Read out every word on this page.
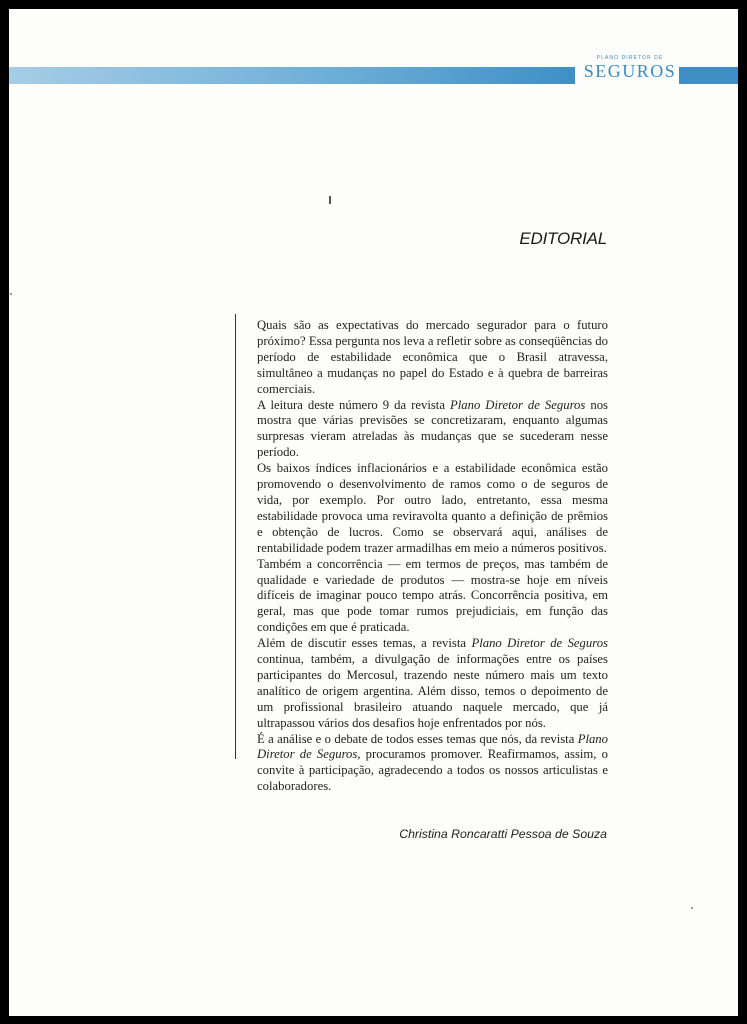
PLANO DIRETOR DE
SEGUROS
EDITORIAL

Quais são as expectativas do mercado segurador para o futuro próximo? Essa pergunta nos leva a refletir sobre as conseqüências do período de estabilidade econômica que o Brasil atravessa, simultâneo a mudanças no papel do Estado e à quebra de barreiras comerciais.

A leitura deste número 9 da revista Plano Diretor de Seguros nos mostra que várias previsões se concretizaram, enquanto algumas surpresas vieram atreladas às mudanças que se sucederam nesse período.

Os baixos índices inflacionários e a estabilidade econômica estão promovendo o desenvolvimento de ramos como o de seguros de vida, por exemplo. Por outro lado, entretanto, essa mesma estabilidade provoca uma reviravolta quanto a definição de prêmios e obtenção de lucros. Como se observará aqui, análises de rentabilidade podem trazer armadilhas em meio a números positivos.

Também a concorrência — em termos de preços, mas também de qualidade e variedade de produtos — mostra-se hoje em níveis difíceis de imaginar pouco tempo atrás. Concorrência positiva, em geral, mas que pode tomar rumos prejudiciais, em função das condições em que é praticada.

Além de discutir esses temas, a revista Plano Diretor de Seguros continua, também, a divulgação de informações entre os países participantes do Mercosul, trazendo neste número mais um texto analítico de origem argentina. Além disso, temos o depoimento de um profissional brasileiro atuando naquele mercado, que já ultrapassou vários dos desafios hoje enfrentados por nós.

É a análise e o debate de todos esses temas que nós, da revista Plano Diretor de Seguros, procuramos promover. Reafirmamos, assim, o convite à participação, agradecendo a todos os nossos articulistas e colaboradores.

Christina Roncaratti Pessoa de Souza
